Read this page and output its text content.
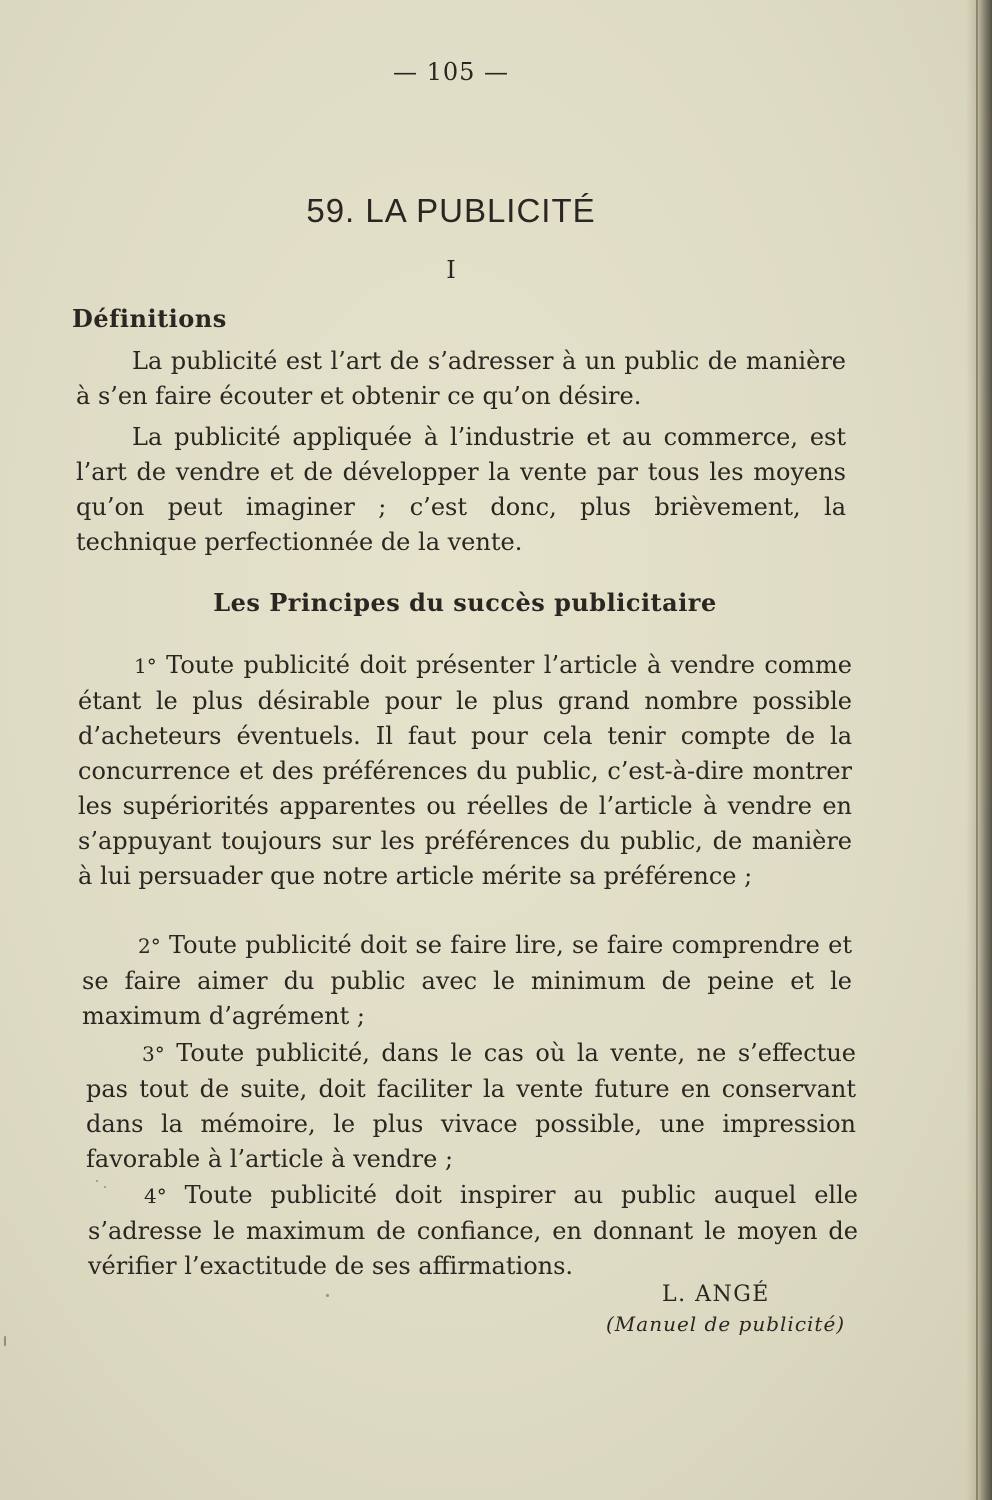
— 105 —
59. LA PUBLICITÉ
I
Définitions

La publicité est l’art de s’adresser à un public de manière à s’en faire écouter et obtenir ce qu’on désire.

La publicité appliquée à l’industrie et au commerce, est l’art de vendre et de développer la vente par tous les moyens qu’on peut imaginer ; c’est donc, plus brièvement, la technique perfectionnée de la vente.

Les Principes du succès publicitaire

1° Toute publicité doit présenter l’article à vendre comme étant le plus désirable pour le plus grand nombre possible d’acheteurs éventuels. Il faut pour cela tenir compte de la concurrence et des préférences du public, c’est-à-dire montrer les supériorités apparentes ou réelles de l’article à vendre en s’appuyant toujours sur les préférences du public, de manière à lui persuader que notre article mérite sa préférence ;

2° Toute publicité doit se faire lire, se faire comprendre et se faire aimer du public avec le minimum de peine et le maximum d’agrément ;

3° Toute publicité, dans le cas où la vente, ne s’effectue pas tout de suite, doit faciliter la vente future en conservant dans la mémoire, le plus vivace possible, une impression favorable à l’article à vendre ;

4° Toute publicité doit inspirer au public auquel elle s’adresse le maximum de confiance, en donnant le moyen de vérifier l’exactitude de ses affirmations.

L. ANGÉ
(Manuel de publicité)
